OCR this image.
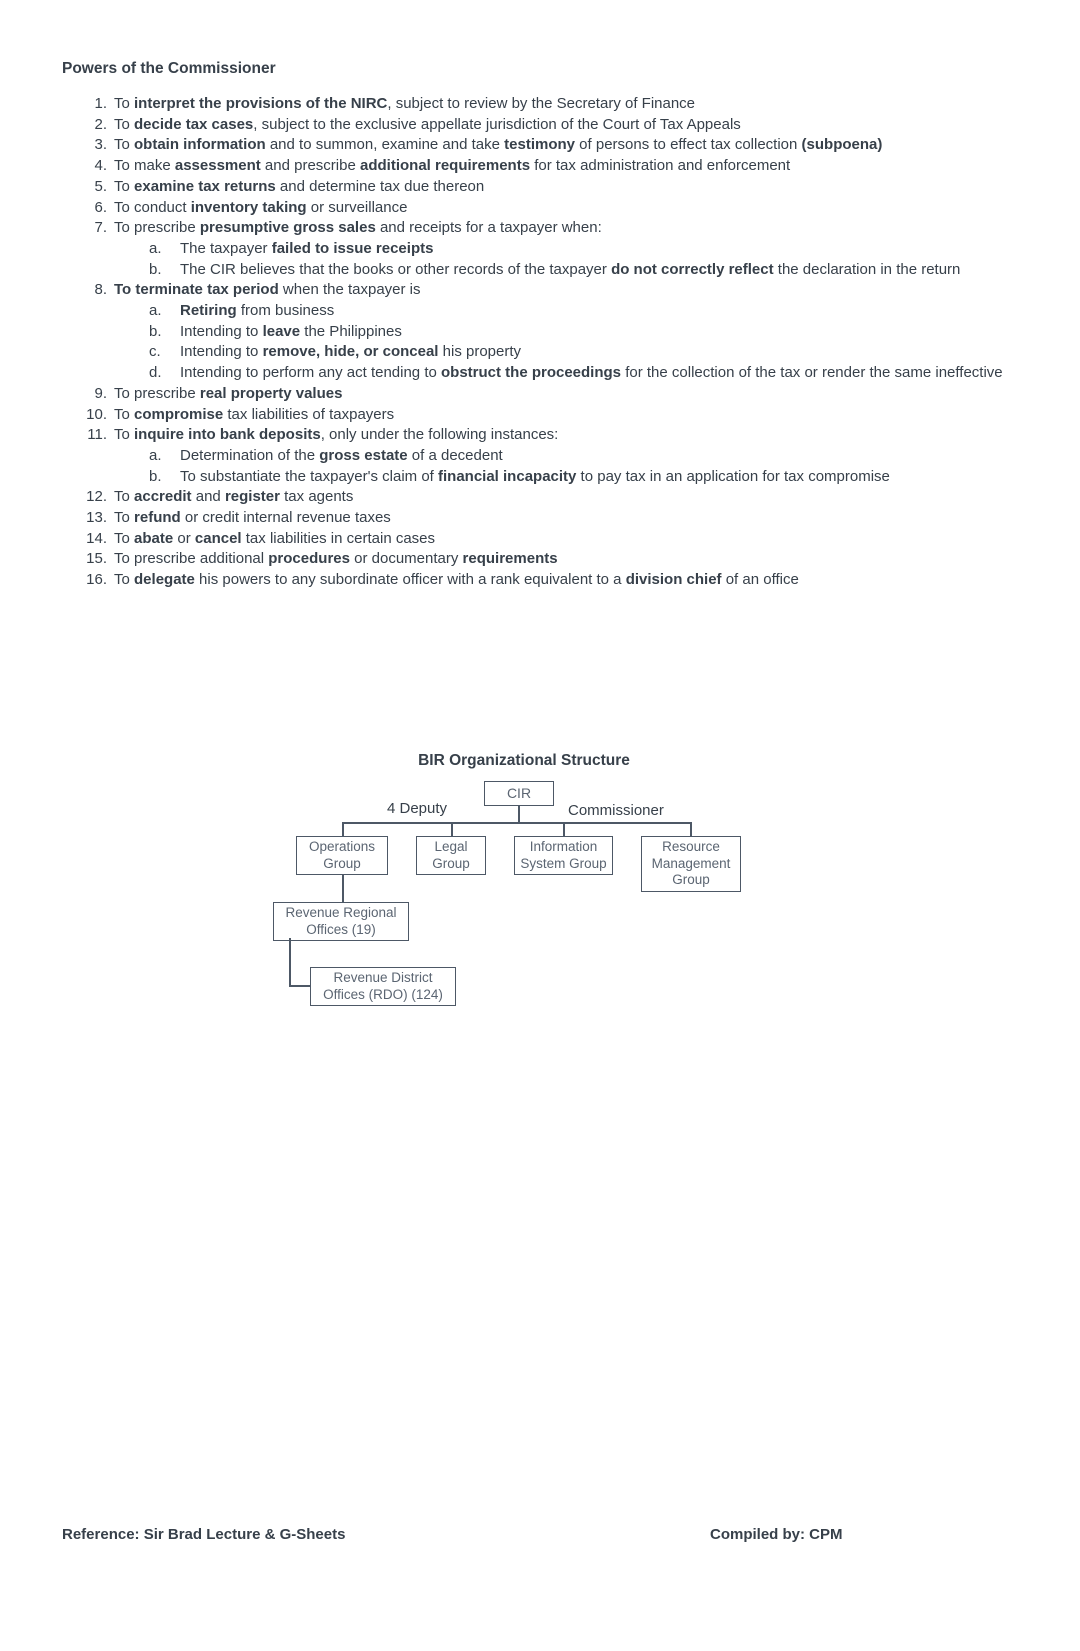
Powers of the Commissioner
1. To interpret the provisions of the NIRC, subject to review by the Secretary of Finance
2. To decide tax cases, subject to the exclusive appellate jurisdiction of the Court of Tax Appeals
3. To obtain information and to summon, examine and take testimony of persons to effect tax collection (subpoena)
4. To make assessment and prescribe additional requirements for tax administration and enforcement
5. To examine tax returns and determine tax due thereon
6. To conduct inventory taking or surveillance
7. To prescribe presumptive gross sales and receipts for a taxpayer when:
a. The taxpayer failed to issue receipts
b. The CIR believes that the books or other records of the taxpayer do not correctly reflect the declaration in the return
8. To terminate tax period when the taxpayer is
a. Retiring from business
b. Intending to leave the Philippines
c. Intending to remove, hide, or conceal his property
d. Intending to perform any act tending to obstruct the proceedings for the collection of the tax or render the same ineffective
9. To prescribe real property values
10. To compromise tax liabilities of taxpayers
11. To inquire into bank deposits, only under the following instances:
a. Determination of the gross estate of a decedent
b. To substantiate the taxpayer's claim of financial incapacity to pay tax in an application for tax compromise
12. To accredit and register tax agents
13. To refund or credit internal revenue taxes
14. To abate or cancel tax liabilities in certain cases
15. To prescribe additional procedures or documentary requirements
16. To delegate his powers to any subordinate officer with a rank equivalent to a division chief of an office
BIR Organizational Structure
4 Deputy	Commissioner
CIR
Operations Group
Legal Group
Information System Group
Resource Management Group
Revenue Regional Offices (19)
Revenue District Offices (RDO) (124)
Reference: Sir Brad Lecture & G-Sheets	Compiled by: CPM
